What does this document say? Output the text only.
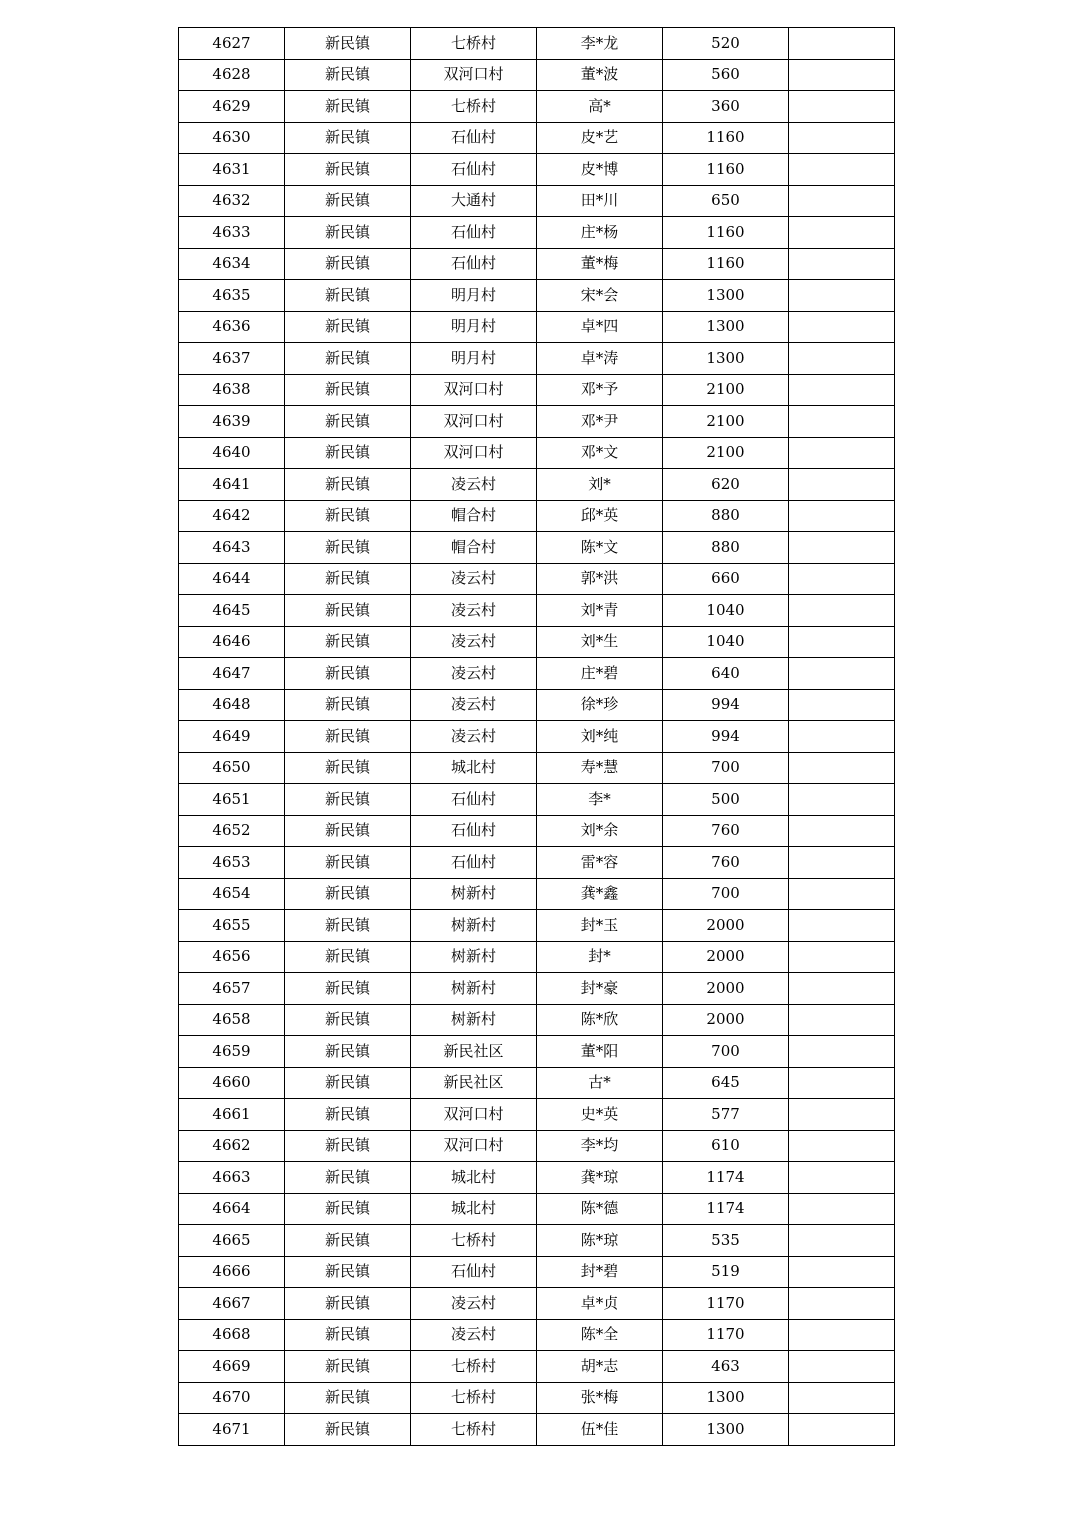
4627	新民镇	七桥村	李*龙	520	
4628	新民镇	双河口村	董*波	560	
4629	新民镇	七桥村	高*	360	
4630	新民镇	石仙村	皮*艺	1160	
4631	新民镇	石仙村	皮*博	1160	
4632	新民镇	大通村	田*川	650	
4633	新民镇	石仙村	庄*杨	1160	
4634	新民镇	石仙村	董*梅	1160	
4635	新民镇	明月村	宋*会	1300	
4636	新民镇	明月村	卓*四	1300	
4637	新民镇	明月村	卓*涛	1300	
4638	新民镇	双河口村	邓*予	2100	
4639	新民镇	双河口村	邓*尹	2100	
4640	新民镇	双河口村	邓*文	2100	
4641	新民镇	凌云村	刘*	620	
4642	新民镇	帽合村	邱*英	880	
4643	新民镇	帽合村	陈*文	880	
4644	新民镇	凌云村	郭*洪	660	
4645	新民镇	凌云村	刘*青	1040	
4646	新民镇	凌云村	刘*生	1040	
4647	新民镇	凌云村	庄*碧	640	
4648	新民镇	凌云村	徐*珍	994	
4649	新民镇	凌云村	刘*纯	994	
4650	新民镇	城北村	寿*慧	700	
4651	新民镇	石仙村	李*	500	
4652	新民镇	石仙村	刘*余	760	
4653	新民镇	石仙村	雷*容	760	
4654	新民镇	树新村	龚*鑫	700	
4655	新民镇	树新村	封*玉	2000	
4656	新民镇	树新村	封*	2000	
4657	新民镇	树新村	封*豪	2000	
4658	新民镇	树新村	陈*欣	2000	
4659	新民镇	新民社区	董*阳	700	
4660	新民镇	新民社区	古*	645	
4661	新民镇	双河口村	史*英	577	
4662	新民镇	双河口村	李*均	610	
4663	新民镇	城北村	龚*琼	1174	
4664	新民镇	城北村	陈*德	1174	
4665	新民镇	七桥村	陈*琼	535	
4666	新民镇	石仙村	封*碧	519	
4667	新民镇	凌云村	卓*贞	1170	
4668	新民镇	凌云村	陈*全	1170	
4669	新民镇	七桥村	胡*志	463	
4670	新民镇	七桥村	张*梅	1300	
4671	新民镇	七桥村	伍*佳	1300	
